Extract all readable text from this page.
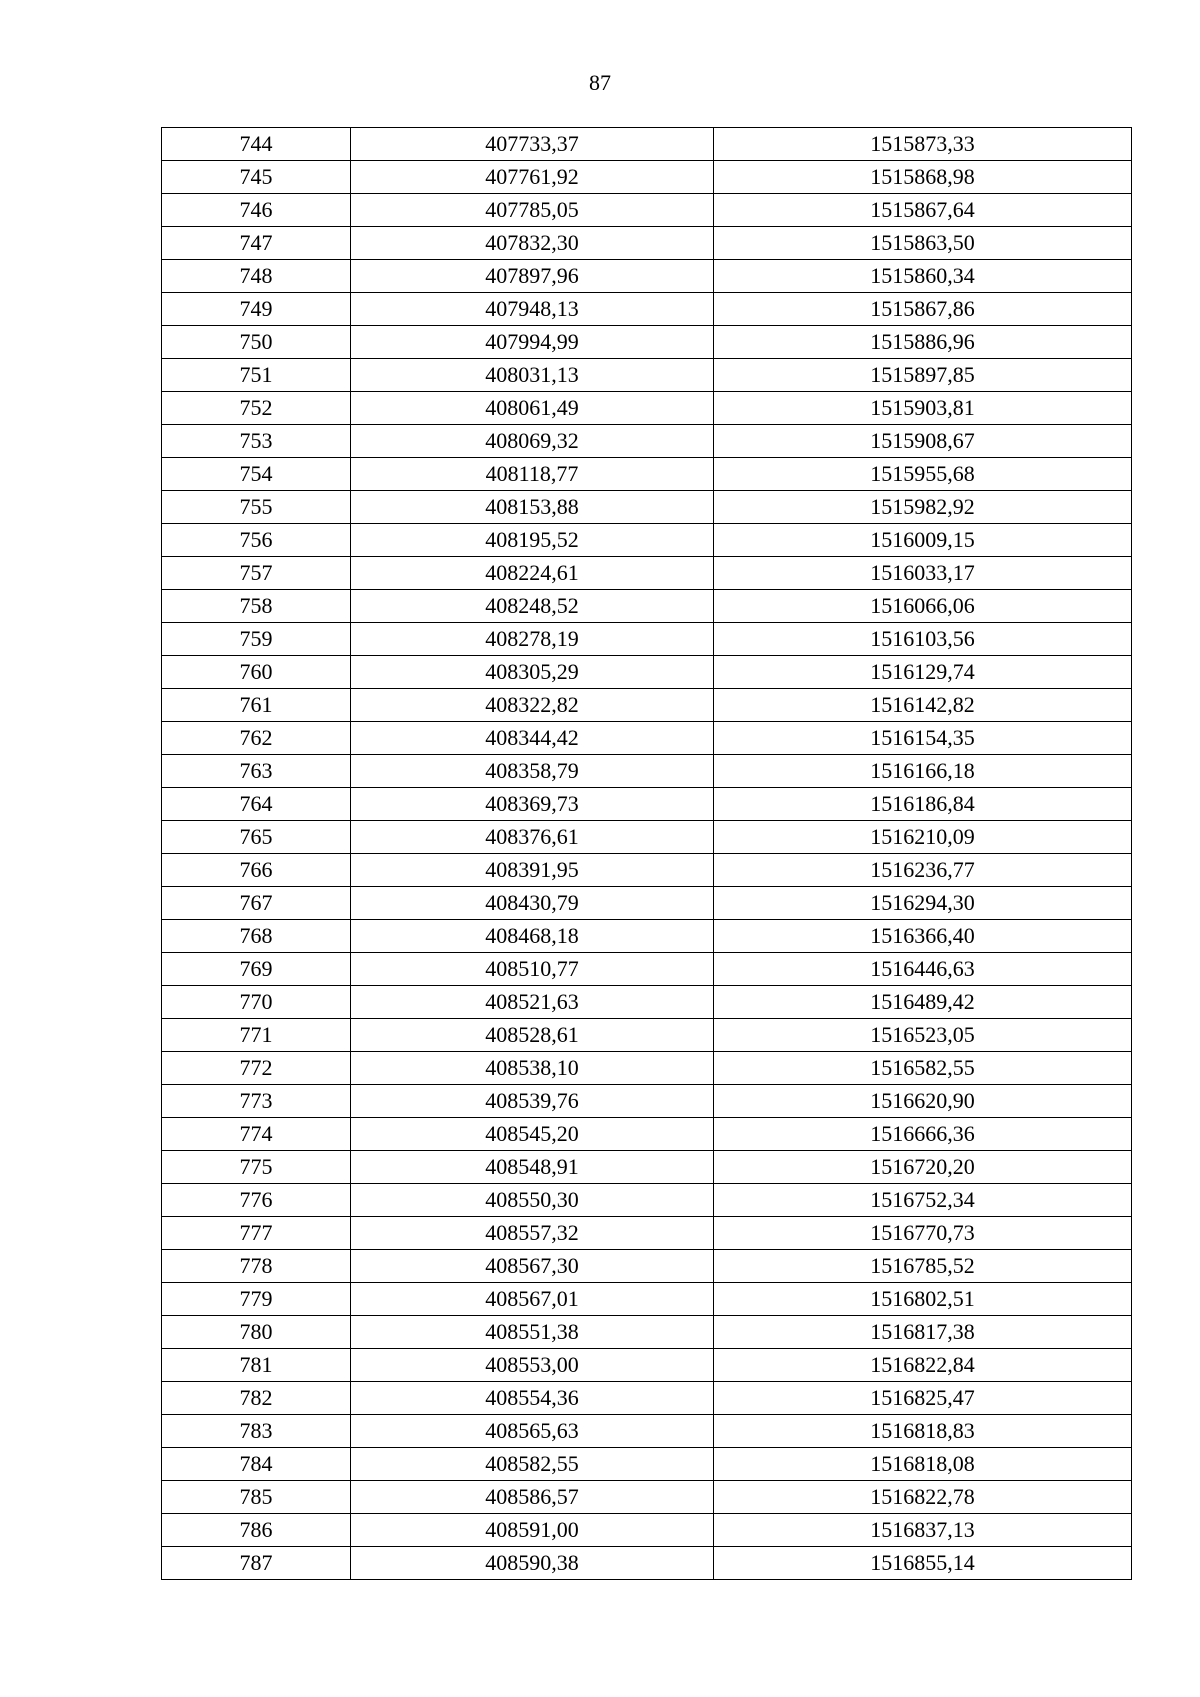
87
744	407733,37	1515873,33
745	407761,92	1515868,98
746	407785,05	1515867,64
747	407832,30	1515863,50
748	407897,96	1515860,34
749	407948,13	1515867,86
750	407994,99	1515886,96
751	408031,13	1515897,85
752	408061,49	1515903,81
753	408069,32	1515908,67
754	408118,77	1515955,68
755	408153,88	1515982,92
756	408195,52	1516009,15
757	408224,61	1516033,17
758	408248,52	1516066,06
759	408278,19	1516103,56
760	408305,29	1516129,74
761	408322,82	1516142,82
762	408344,42	1516154,35
763	408358,79	1516166,18
764	408369,73	1516186,84
765	408376,61	1516210,09
766	408391,95	1516236,77
767	408430,79	1516294,30
768	408468,18	1516366,40
769	408510,77	1516446,63
770	408521,63	1516489,42
771	408528,61	1516523,05
772	408538,10	1516582,55
773	408539,76	1516620,90
774	408545,20	1516666,36
775	408548,91	1516720,20
776	408550,30	1516752,34
777	408557,32	1516770,73
778	408567,30	1516785,52
779	408567,01	1516802,51
780	408551,38	1516817,38
781	408553,00	1516822,84
782	408554,36	1516825,47
783	408565,63	1516818,83
784	408582,55	1516818,08
785	408586,57	1516822,78
786	408591,00	1516837,13
787	408590,38	1516855,14
